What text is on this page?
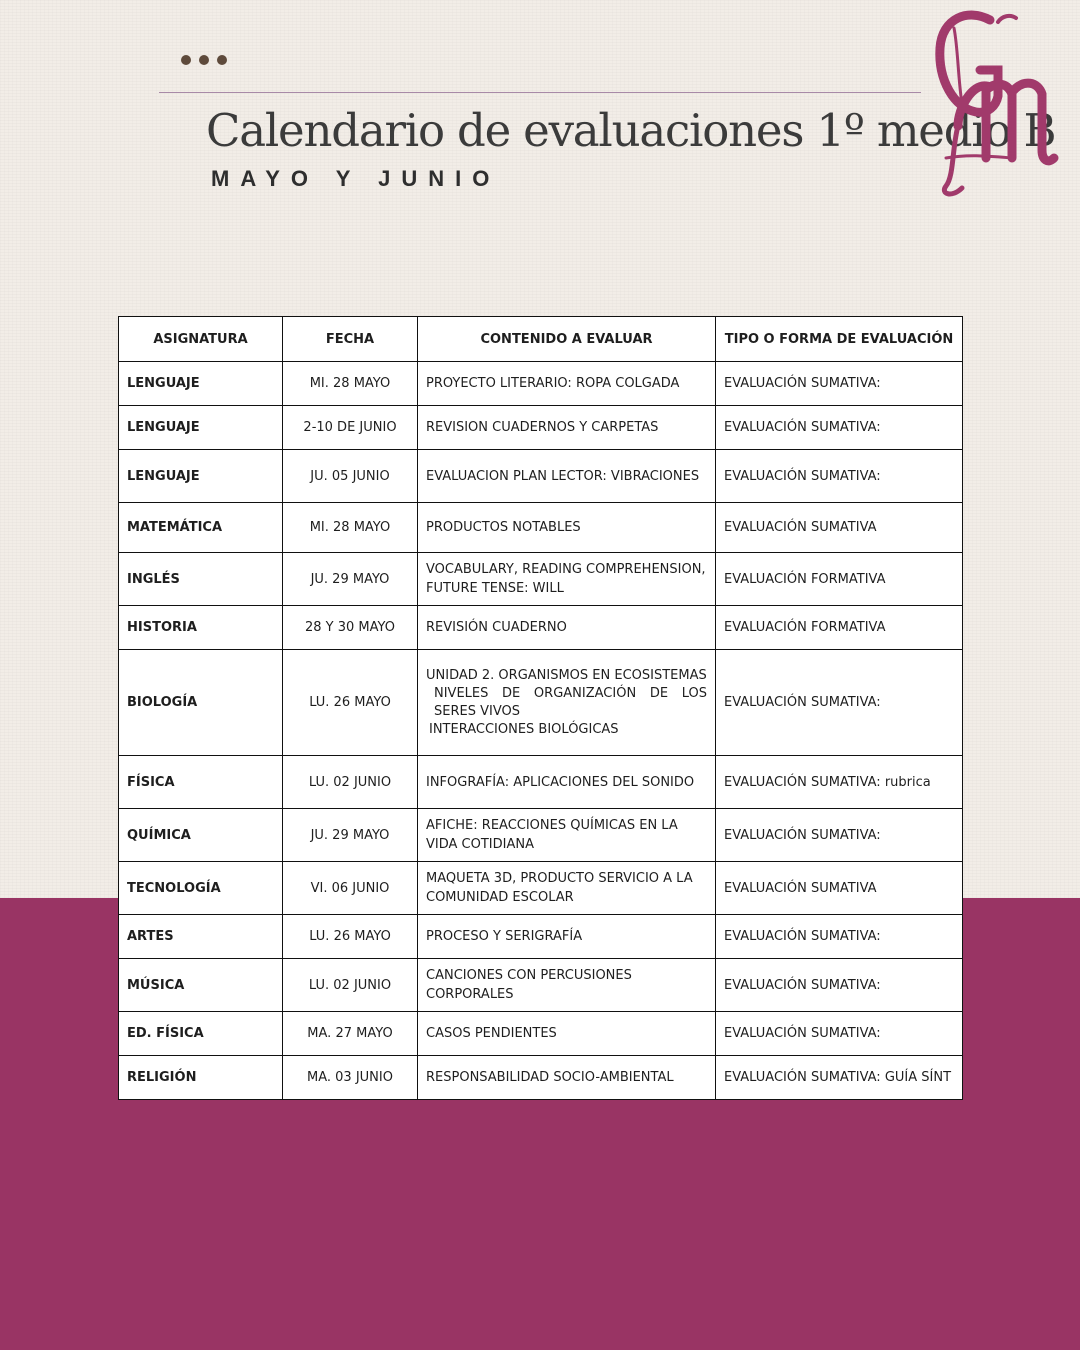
Calendario de evaluaciones 1º medio B
MAYO Y JUNIO
ASIGNATURA	FECHA	CONTENIDO A EVALUAR	TIPO O FORMA DE EVALUACIÓN
LENGUAJE	MI. 28 MAYO	PROYECTO LITERARIO: ROPA COLGADA	EVALUACIÓN SUMATIVA:
LENGUAJE	2-10 DE JUNIO	REVISION CUADERNOS Y CARPETAS	EVALUACIÓN SUMATIVA:
LENGUAJE	JU. 05 JUNIO	EVALUACION PLAN LECTOR: VIBRACIONES	EVALUACIÓN SUMATIVA:
MATEMÁTICA	MI. 28 MAYO	PRODUCTOS NOTABLES	EVALUACIÓN SUMATIVA
INGLÉS	JU. 29 MAYO	VOCABULARY, READING COMPREHENSION, FUTURE TENSE: WILL	EVALUACIÓN FORMATIVA
HISTORIA	28 Y 30 MAYO	REVISIÓN CUADERNO	EVALUACIÓN FORMATIVA
BIOLOGÍA	LU. 26 MAYO	UNIDAD 2. ORGANISMOS EN ECOSISTEMAS
NIVELES DE ORGANIZACIÓN DE LOS SERES VIVOS
INTERACCIONES BIOLÓGICAS	EVALUACIÓN SUMATIVA:
FÍSICA	LU. 02 JUNIO	INFOGRAFÍA: APLICACIONES DEL SONIDO	EVALUACIÓN SUMATIVA: rubrica
QUÍMICA	JU. 29 MAYO	AFICHE: REACCIONES QUÍMICAS EN LA VIDA COTIDIANA	EVALUACIÓN SUMATIVA:
TECNOLOGÍA	VI. 06 JUNIO	MAQUETA 3D, PRODUCTO SERVICIO A LA COMUNIDAD ESCOLAR	EVALUACIÓN SUMATIVA
ARTES	LU. 26 MAYO	PROCESO Y SERIGRAFÍA	EVALUACIÓN SUMATIVA:
MÚSICA	LU. 02 JUNIO	CANCIONES CON PERCUSIONES CORPORALES	EVALUACIÓN SUMATIVA:
ED. FÍSICA	MA. 27 MAYO	CASOS PENDIENTES	EVALUACIÓN SUMATIVA:
RELIGIÓN	MA. 03 JUNIO	RESPONSABILIDAD SOCIO-AMBIENTAL	EVALUACIÓN SUMATIVA: GUÍA SÍNT
